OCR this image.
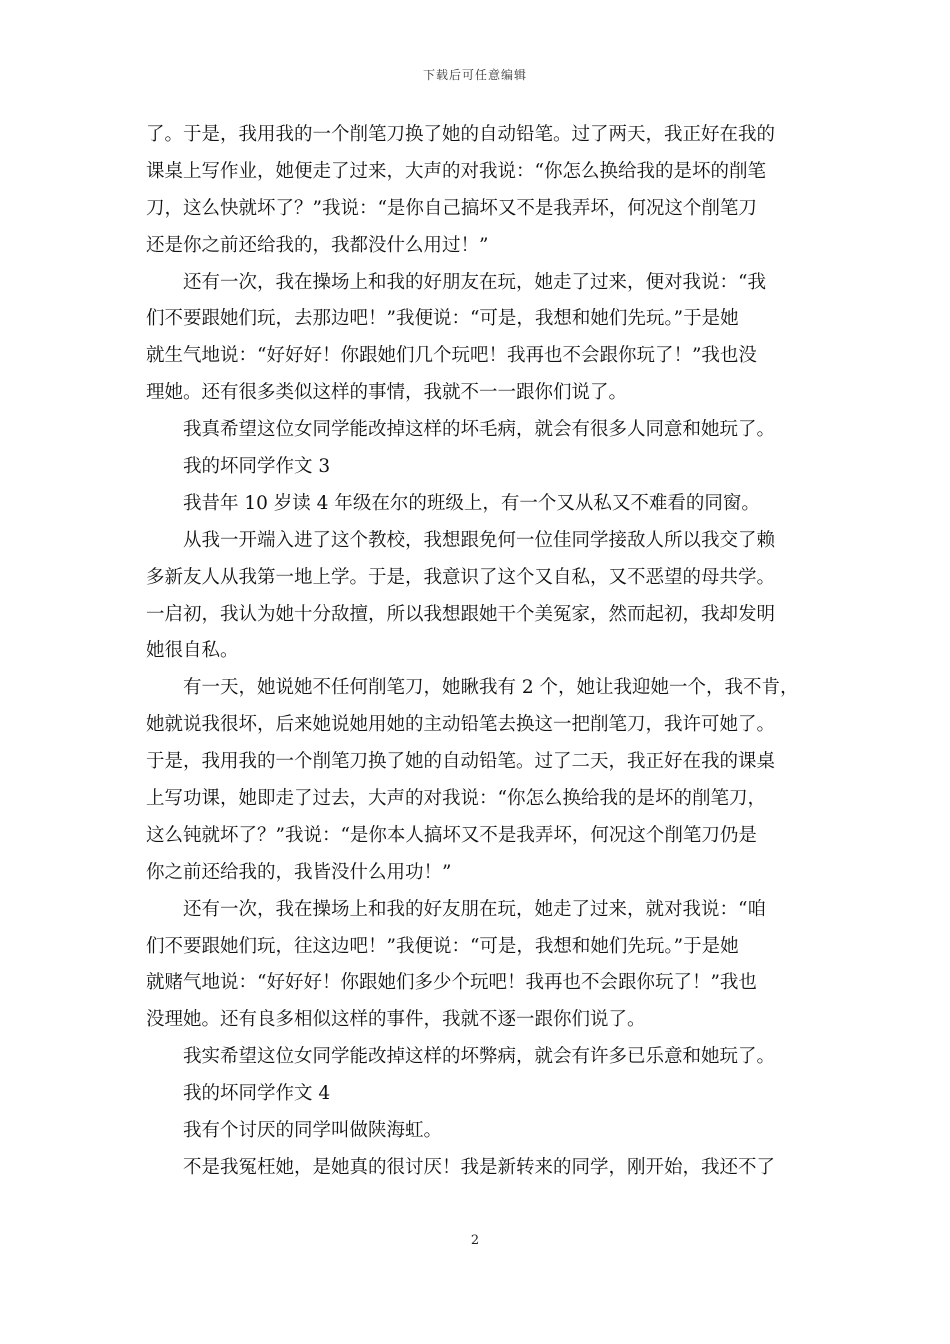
下载后可任意编辑
了。于是，我用我的一个削笔刀换了她的自动铅笔。过了两天，我正好在我的
课桌上写作业，她便走了过来，大声的对我说：“你怎么换给我的是坏的削笔
刀，这么快就坏了？”我说：“是你自己搞坏又不是我弄坏，何况这个削笔刀
还是你之前还给我的，我都没什么用过！”
还有一次，我在操场上和我的好朋友在玩，她走了过来，便对我说：“我
们不要跟她们玩，去那边吧！”我便说：“可是，我想和她们先玩。”于是她
就生气地说：“好好好！你跟她们几个玩吧！我再也不会跟你玩了！”我也没
理她。还有很多类似这样的事情，我就不一一跟你们说了。
我真希望这位女同学能改掉这样的坏毛病，就会有很多人同意和她玩了。
我的坏同学作文 3
我昔年 10 岁读 4 年级在尔的班级上，有一个又从私又不难看的同窗。
从我一开端入进了这个教校，我想跟免何一位佳同学接敌人所以我交了赖
多新友人从我第一地上学。于是，我意识了这个又自私，又不恶望的母共学。
一启初，我认为她十分敌擅，所以我想跟她干个美冤家，然而起初，我却发明
她很自私。
有一天，她说她不任何削笔刀，她瞅我有 2 个，她让我迎她一个，我不肯，
她就说我很坏，后来她说她用她的主动铅笔去换这一把削笔刀，我许可她了。
于是，我用我的一个削笔刀换了她的自动铅笔。过了二天，我正好在我的课桌
上写功课，她即走了过去，大声的对我说：“你怎么换给我的是坏的削笔刀，
这么钝就坏了？”我说：“是你本人搞坏又不是我弄坏，何况这个削笔刀仍是
你之前还给我的，我皆没什么用功！”
还有一次，我在操场上和我的好友朋在玩，她走了过来，就对我说：“咱
们不要跟她们玩，往这边吧！”我便说：“可是，我想和她们先玩。”于是她
就赌气地说：“好好好！你跟她们多少个玩吧！我再也不会跟你玩了！”我也
没理她。还有良多相似这样的事件，我就不逐一跟你们说了。
我实希望这位女同学能改掉这样的坏弊病，就会有许多已乐意和她玩了。
我的坏同学作文 4
我有个讨厌的同学叫做陕海虹。
不是我冤枉她，是她真的很讨厌！我是新转来的同学，刚开始，我还不了
2
